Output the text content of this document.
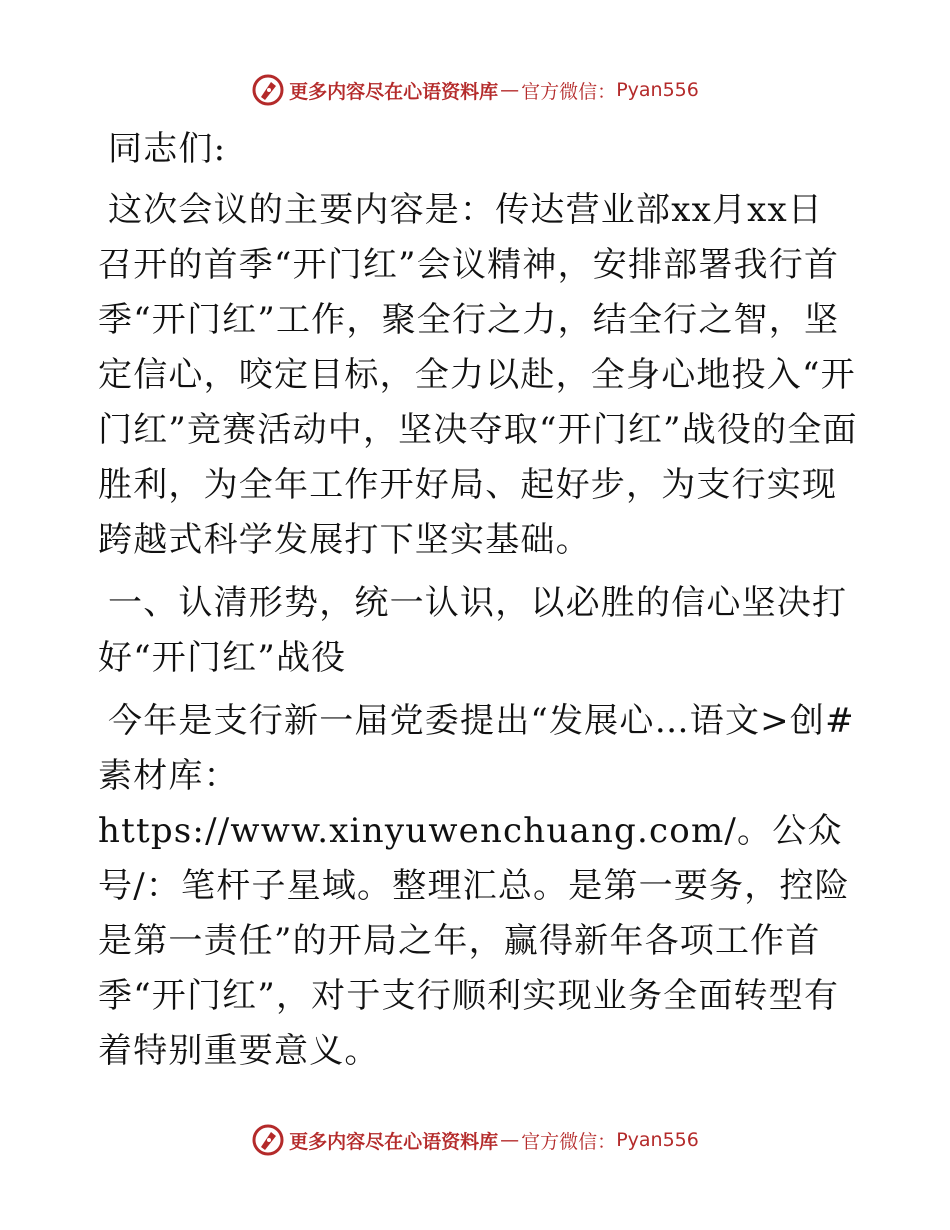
更多内容尽在心语资料库 — 官方微信： Pyan556

同志们:

这次会议的主要内容是：传达营业部xx月xx日召开的首季“开门红”会议精神，安排部署我行首季“开门红”工作，聚全行之力，结全行之智，坚定信心，咬定目标，全力以赴，全身心地投入“开门红”竞赛活动中，坚决夺取“开门红”战役的全面胜利，为全年工作开好局、起好步，为支行实现跨越式科学发展打下坚实基础。

一、认清形势，统一认识，以必胜的信心坚决打好“开门红”战役

今年是支行新一届党委提出“发展心…语文>创#素材库：https://www.xinyuwenchuang.com/。公众号/：笔杆子星域。整理汇总。是第一要务，控险是第一责任”的开局之年，赢得新年各项工作首季“开门红”，对于支行顺利实现业务全面转型有着特别重要意义。

更多内容尽在心语资料库 — 官方微信： Pyan556
